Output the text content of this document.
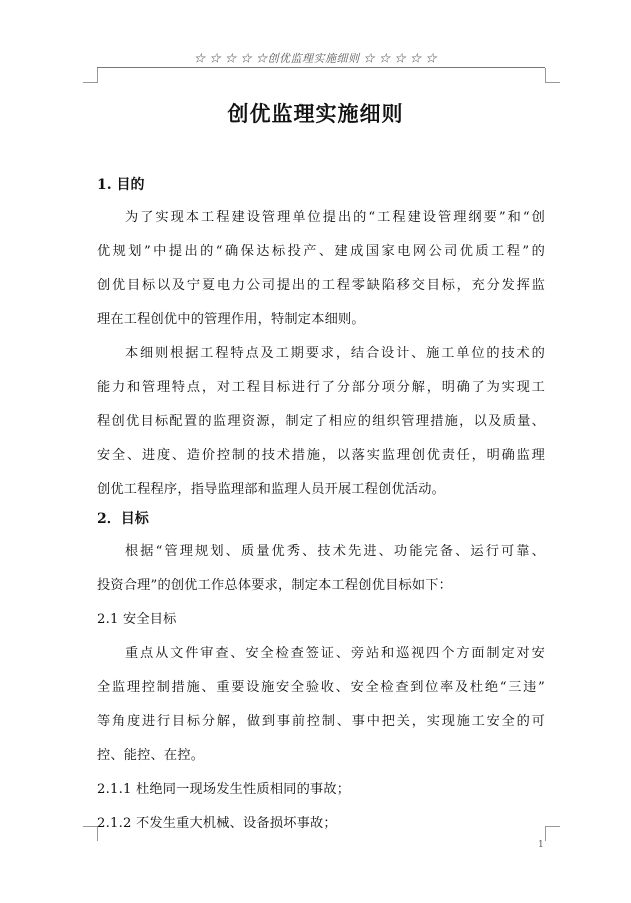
☆ ☆ ☆ ☆ ☆创优监理实施细则 ☆ ☆ ☆ ☆ ☆
创优监理实施细则
1. 目的
为了实现本工程建设管理单位提出的“工程建设管理纲要”和“创
优规划”中提出的“确保达标投产、建成国家电网公司优质工程”的
创优目标以及宁夏电力公司提出的工程零缺陷移交目标，充分发挥监
理在工程创优中的管理作用，特制定本细则。
本细则根据工程特点及工期要求，结合设计、施工单位的技术的
能力和管理特点，对工程目标进行了分部分项分解，明确了为实现工
程创优目标配置的监理资源，制定了相应的组织管理措施，以及质量、
安全、进度、造价控制的技术措施，以落实监理创优责任，明确监理
创优工程程序，指导监理部和监理人员开展工程创优活动。
2．目标
根据“管理规划、质量优秀、技术先进、功能完备、运行可靠、
投资合理”的创优工作总体要求，制定本工程创优目标如下：
2.1 安全目标
重点从文件审查、安全检查签证、旁站和巡视四个方面制定对安
全监理控制措施、重要设施安全验收、安全检查到位率及杜绝“三违”
等角度进行目标分解，做到事前控制、事中把关，实现施工安全的可
控、能控、在控。
2.1.1 杜绝同一现场发生性质相同的事故；
2.1.2 不发生重大机械、设备损坏事故；
1
